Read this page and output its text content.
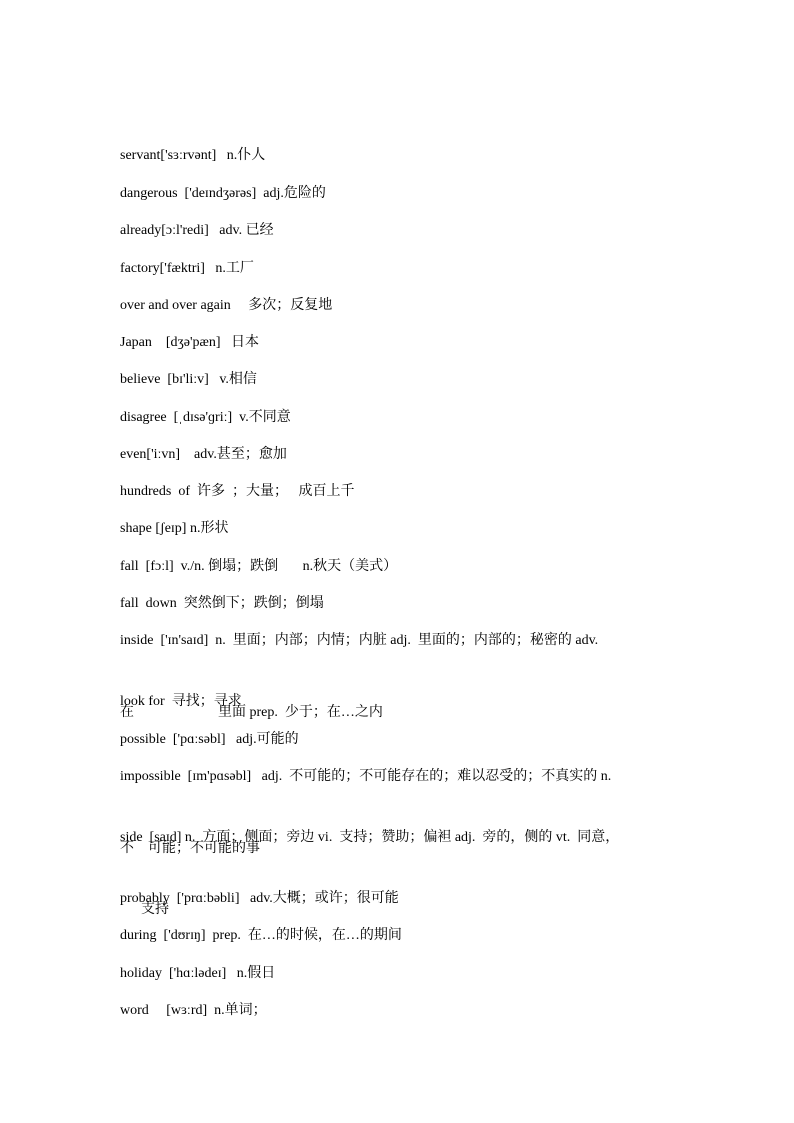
servant['sɜːrvənt]   n.仆人

dangerous  ['deɪndʒərəs]  adj.危险的

already[ɔːl'redi]   adv. 已经

factory['fæktri]   n.工厂

over and over again     多次；反复地

Japan    [dʒə'pæn]   日本

believe  [bɪ'liːv]   v.相信

disagree  [ˌdɪsə'ɡriː]  v.不同意

even['iːvn]    adv.甚至；愈加

hundreds  of  许多  ；大量；   成百上千

shape [ʃeɪp] n.形状

fall  [fɔːl]  v./n. 倒塌；跌倒       n.秋天（美式）

fall  down  突然倒下；跌倒；倒塌

inside  ['ɪn'saɪd]  n.  里面；内部；内情；内脏 adj.  里面的；内部的；秘密的 adv.

在                        里面 prep.  少于；在…之内

look for  寻找；寻求

possible  ['pɑːsəbl]   adj.可能的

impossible  [ɪm'pɑsəbl]   adj.  不可能的；不可能存在的；难以忍受的；不真实的 n.

不    可能；不可能的事

side  [saɪd] n.  方面；侧面；旁边 vi.  支持；赞助；偏袒 adj.  旁的，侧的 vt.  同意，

支持

probably  ['prɑːbəbli]   adv.大概；或许；很可能

during  ['dʊrɪŋ]  prep.  在…的时候，在…的期间

holiday  ['hɑːlədeɪ]   n.假日

word     [wɜːrd]  n.单词；
